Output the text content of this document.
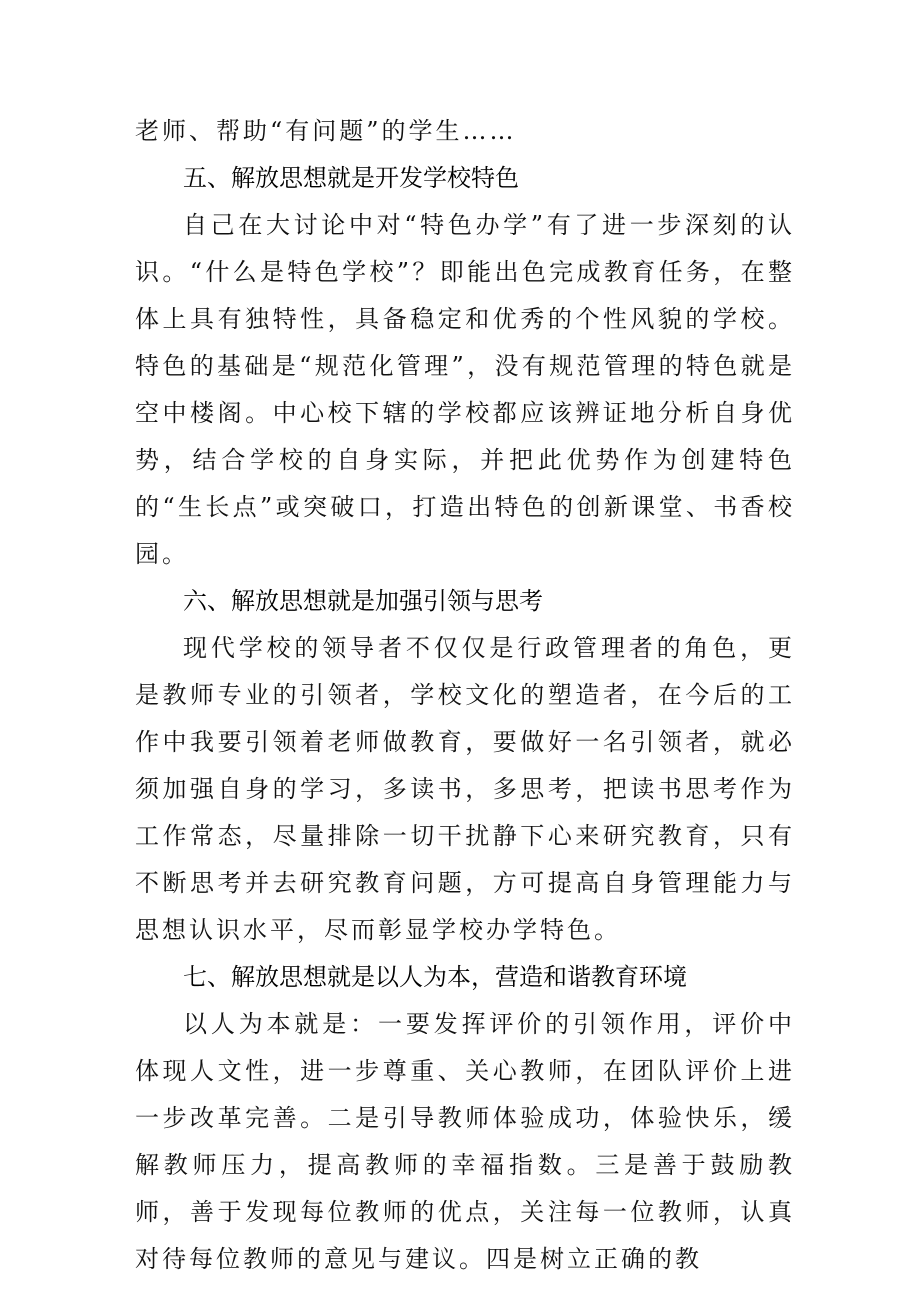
老师、帮助“有问题”的学生……

五、解放思想就是开发学校特色

自己在大讨论中对“特色办学”有了进一步深刻的认识。“什么是特色学校”？即能出色完成教育任务，在整体上具有独特性，具备稳定和优秀的个性风貌的学校。特色的基础是“规范化管理”，没有规范管理的特色就是空中楼阁。中心校下辖的学校都应该辨证地分析自身优势，结合学校的自身实际，并把此优势作为创建特色的“生长点”或突破口，打造出特色的创新课堂、书香校园。

六、解放思想就是加强引领与思考

现代学校的领导者不仅仅是行政管理者的角色，更是教师专业的引领者，学校文化的塑造者，在今后的工作中我要引领着老师做教育，要做好一名引领者，就必须加强自身的学习，多读书，多思考，把读书思考作为工作常态，尽量排除一切干扰静下心来研究教育，只有不断思考并去研究教育问题，方可提高自身管理能力与思想认识水平，尽而彰显学校办学特色。

七、解放思想就是以人为本，营造和谐教育环境

以人为本就是：一要发挥评价的引领作用，评价中体现人文性，进一步尊重、关心教师，在团队评价上进一步改革完善。二是引导教师体验成功，体验快乐，缓解教师压力，提高教师的幸福指数。三是善于鼓励教师，善于发现每位教师的优点，关注每一位教师，认真对待每位教师的意见与建议。四是树立正确的教
